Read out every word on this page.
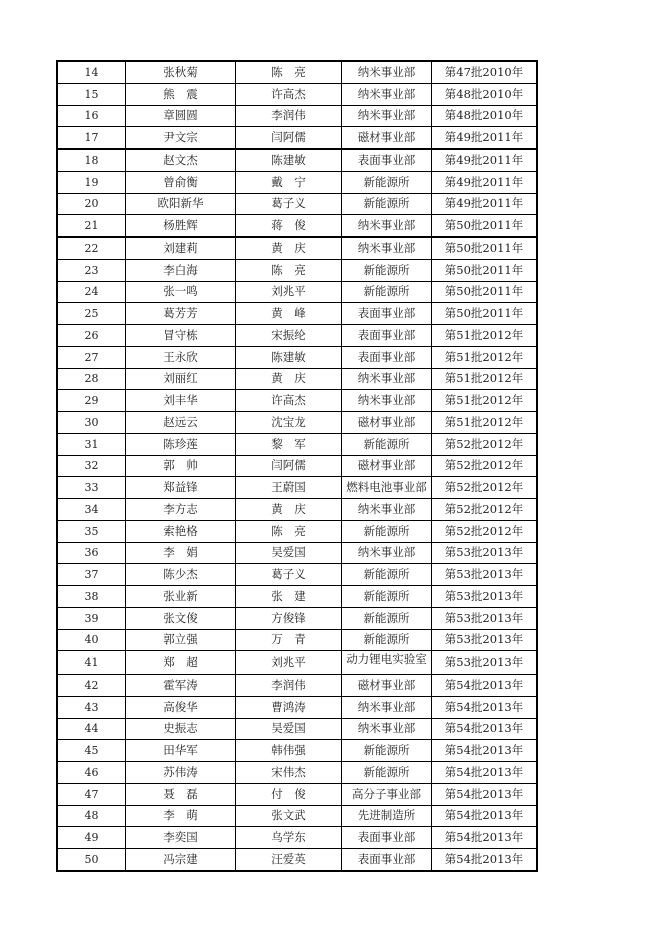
14	张秋菊	陈　亮	纳米事业部	第47批2010年
15	熊　震	许高杰	纳米事业部	第48批2010年
16	章圆圆	李润伟	纳米事业部	第48批2010年
17	尹文宗	闫阿儒	磁材事业部	第49批2011年
18	赵文杰	陈建敏	表面事业部	第49批2011年
19	曾俞衡	戴　宁	新能源所	第49批2011年
20	欧阳新华	葛子义	新能源所	第49批2011年
21	杨胜辉	蒋　俊	纳米事业部	第50批2011年
22	刘建莉	黄　庆	纳米事业部	第50批2011年
23	李白海	陈　亮	新能源所	第50批2011年
24	张一鸣	刘兆平	新能源所	第50批2011年
25	葛芳芳	黄　峰	表面事业部	第50批2011年
26	冒守栋	宋振纶	表面事业部	第51批2012年
27	王永欣	陈建敏	表面事业部	第51批2012年
28	刘丽红	黄　庆	纳米事业部	第51批2012年
29	刘丰华	许高杰	纳米事业部	第51批2012年
30	赵远云	沈宝龙	磁材事业部	第51批2012年
31	陈珍莲	黎　军	新能源所	第52批2012年
32	郭　帅	闫阿儒	磁材事业部	第52批2012年
33	郑益锋	王蔚国	燃料电池事业部	第52批2012年
34	李方志	黄　庆	纳米事业部	第52批2012年
35	索艳格	陈　亮	新能源所	第52批2012年
36	李　娟	吴爱国	纳米事业部	第53批2013年
37	陈少杰	葛子义	新能源所	第53批2013年
38	张业新	张　建	新能源所	第53批2013年
39	张文俊	方俊锋	新能源所	第53批2013年
40	郭立强	万　青	新能源所	第53批2013年
41	郑　超	刘兆平	动力锂电实验室	第53批2013年
42	霍军涛	李润伟	磁材事业部	第54批2013年
43	高俊华	曹鸿涛	纳米事业部	第54批2013年
44	史振志	吴爱国	纳米事业部	第54批2013年
45	田华军	韩伟强	新能源所	第54批2013年
46	苏伟涛	宋伟杰	新能源所	第54批2013年
47	聂　磊	付　俊	高分子事业部	第54批2013年
48	李　萌	张文武	先进制造所	第54批2013年
49	李奕国	乌学东	表面事业部	第54批2013年
50	冯宗建	汪爱英	表面事业部	第54批2013年
